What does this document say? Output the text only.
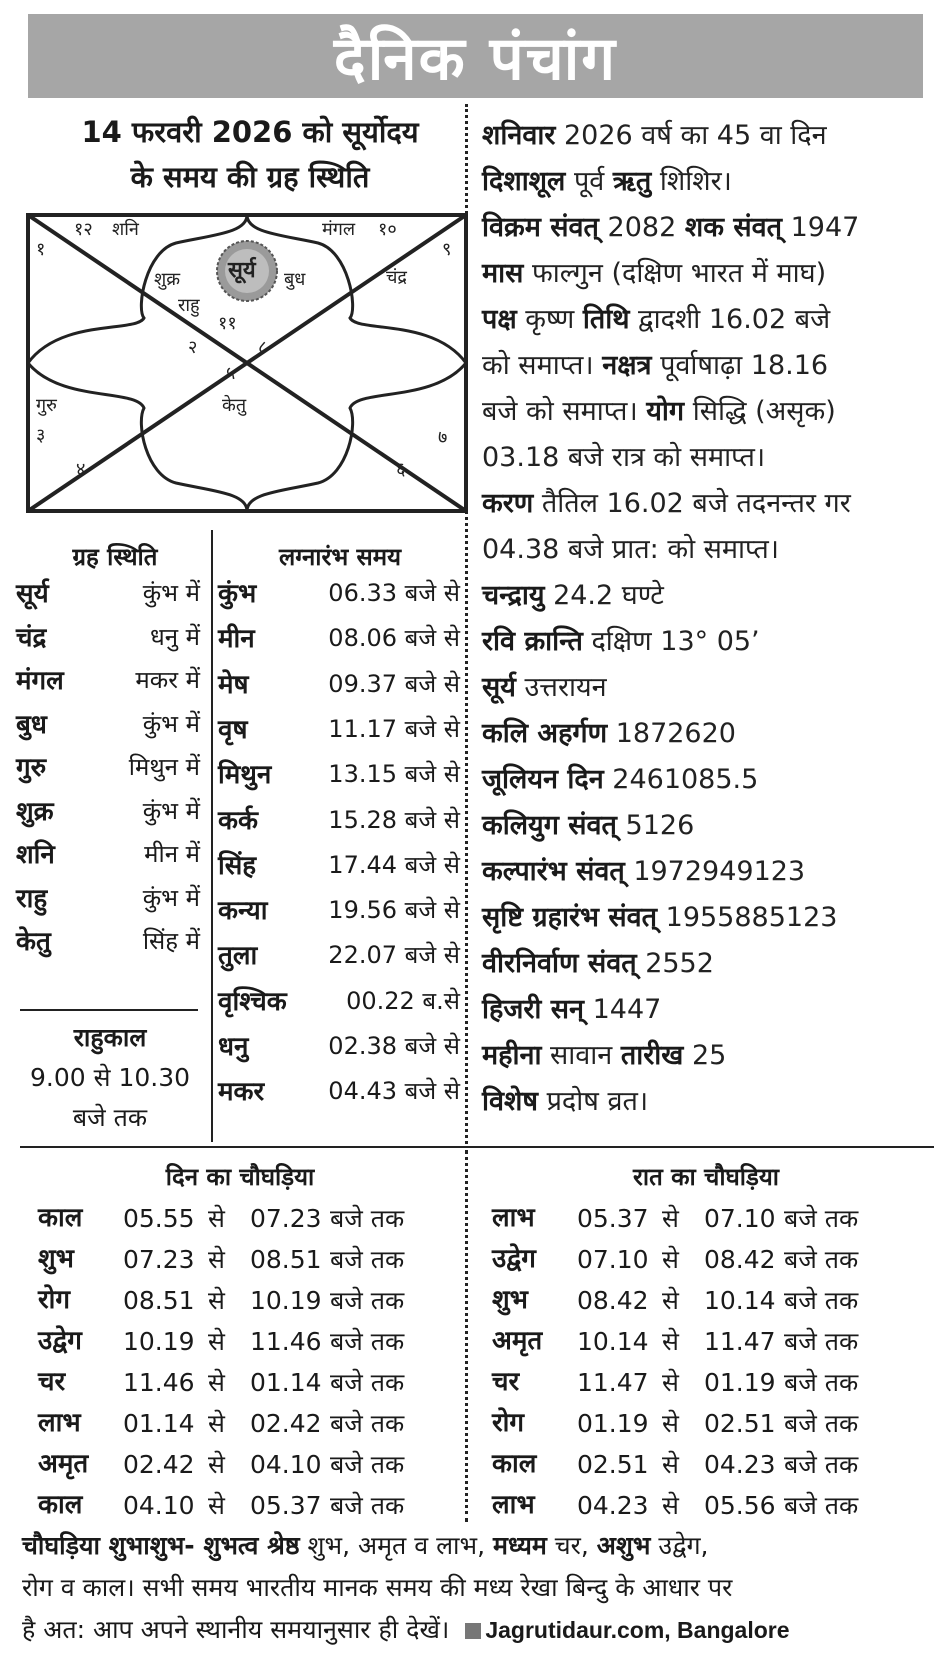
दैनिक पंचांग
14 फरवरी 2026 को सूर्योदय
के समय की ग्रह स्थिति
१२ शनि	मंगल १०
१	९
चंद्र
शुक्र सूर्य बुध
राहु
११
२	८
५
केतु
गुरु
३	७
४	६
शनिवार 2026 वर्ष का 45 वा दिन
दिशाशूल पूर्व ऋतु शिशिर।
विक्रम संवत् 2082 शक संवत् 1947
मास फाल्गुन (दक्षिण भारत में माघ)
पक्ष कृष्ण तिथि द्वादशी 16.02 बजे
को समाप्त। नक्षत्र पूर्वाषाढ़ा 18.16
बजे को समाप्त। योग सिद्धि (असृक)
03.18 बजे रात्र को समाप्त।
करण तैतिल 16.02 बजे तदनन्तर गर
04.38 बजे प्रात: को समाप्त।
चन्द्रायु 24.2 घण्टे
रवि क्रान्ति दक्षिण 13° 05’
सूर्य उत्तरायन
कलि अहर्गण 1872620
जूलियन दिन 2461085.5
कलियुग संवत् 5126
कल्पारंभ संवत् 1972949123
सृष्टि ग्रहारंभ संवत् 1955885123
वीरनिर्वाण संवत् 2552
हिजरी सन् 1447
महीना सावान तारीख 25
विशेष प्रदोष व्रत।
ग्रह स्थिति
सूर्य	कुंभ में
चंद्र	धनु में
मंगल	मकर में
बुध	कुंभ में
गुरु	मिथुन में
शुक्र	कुंभ में
शनि	मीन में
राहु	कुंभ में
केतु	सिंह में
राहुकाल
9.00 से 10.30
बजे तक
लग्नारंभ समय
कुंभ	06.33 बजे से
मीन	08.06 बजे से
मेष	09.37 बजे से
वृष	11.17 बजे से
मिथुन 13.15 बजे से
कर्क	15.28 बजे से
सिंह	17.44 बजे से
कन्या	19.56 बजे से
तुला	22.07 बजे से
वृश्चिक 00.22 ब.से
धनु	02.38 बजे से
मकर	04.43 बजे से
दिन का चौघड़िया
काल 05.55 से 07.23 बजे तक
शुभ 07.23 से 08.51 बजे तक
रोग 08.51 से 10.19 बजे तक
उद्वेग 10.19 से 11.46 बजे तक
चर 11.46 से 01.14 बजे तक
लाभ 01.14 से 02.42 बजे तक
अमृत 02.42 से 04.10 बजे तक
काल 04.10 से 05.37 बजे तक
रात का चौघड़िया
लाभ 05.37 से 07.10 बजे तक
उद्वेग 07.10 से 08.42 बजे तक
शुभ 08.42 से 10.14 बजे तक
अमृत 10.14 से 11.47 बजे तक
चर 11.47 से 01.19 बजे तक
रोग 01.19 से 02.51 बजे तक
काल 02.51 से 04.23 बजे तक
लाभ 04.23 से 05.56 बजे तक
चौघड़िया शुभाशुभ- शुभत्व श्रेष्ठ शुभ, अमृत व लाभ, मध्यम चर, अशुभ उद्वेग,
रोग व काल। सभी समय भारतीय मानक समय की मध्य रेखा बिन्दु के आधार पर
है अत: आप अपने स्थानीय समयानुसार ही देखें। Jagrutidaur.com, Bangalore
